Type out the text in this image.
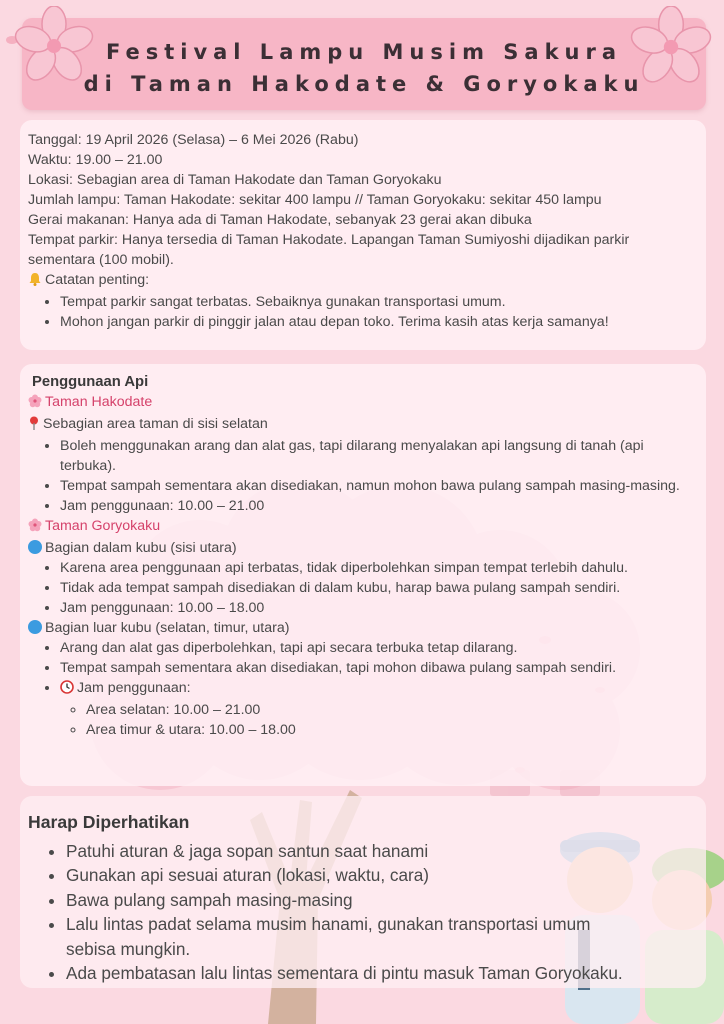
Festival Lampu Musim Sakura
di Taman Hakodate & Goryokaku

Tanggal: 19 April 2026 (Selasa) – 6 Mei 2026 (Rabu)

Waktu: 19.00 – 21.00

Lokasi: Sebagian area di Taman Hakodate dan Taman Goryokaku

Jumlah lampu: Taman Hakodate: sekitar 400 lampu // Taman Goryokaku: sekitar 450 lampu

Gerai makanan: Hanya ada di Taman Hakodate, sebanyak 23 gerai akan dibuka

Tempat parkir: Hanya tersedia di Taman Hakodate. Lapangan Taman Sumiyoshi dijadikan parkir sementara (100 mobil).

Catatan penting:

• Tempat parkir sangat terbatas. Sebaiknya gunakan transportasi umum.
• Mohon jangan parkir di pinggir jalan atau depan toko. Terima kasih atas kerja samanya!

Penggunaan Api

Taman Hakodate

Sebagian area taman di sisi selatan

• Boleh menggunakan arang dan alat gas, tapi dilarang menyalakan api langsung di tanah (api terbuka).
• Tempat sampah sementara akan disediakan, namun mohon bawa pulang sampah masing-masing.
• Jam penggunaan: 10.00 – 21.00

Taman Goryokaku

Bagian dalam kubu (sisi utara)

• Karena area penggunaan api terbatas, tidak diperbolehkan simpan tempat terlebih dahulu.
• Tidak ada tempat sampah disediakan di dalam kubu, harap bawa pulang sampah sendiri.
• Jam penggunaan: 10.00 – 18.00

Bagian luar kubu (selatan, timur, utara)

• Arang dan alat gas diperbolehkan, tapi api secara terbuka tetap dilarang.
• Tempat sampah sementara akan disediakan, tapi mohon dibawa pulang sampah sendiri.
• Jam penggunaan:
◦ Area selatan: 10.00 – 21.00
◦ Area timur & utara: 10.00 – 18.00

Harap Diperhatikan

• Patuhi aturan & jaga sopan santun saat hanami
• Gunakan api sesuai aturan (lokasi, waktu, cara)
• Bawa pulang sampah masing-masing
• Lalu lintas padat selama musim hanami, gunakan transportasi umum sebisa mungkin.
• Ada pembatasan lalu lintas sementara di pintu masuk Taman Goryokaku.
